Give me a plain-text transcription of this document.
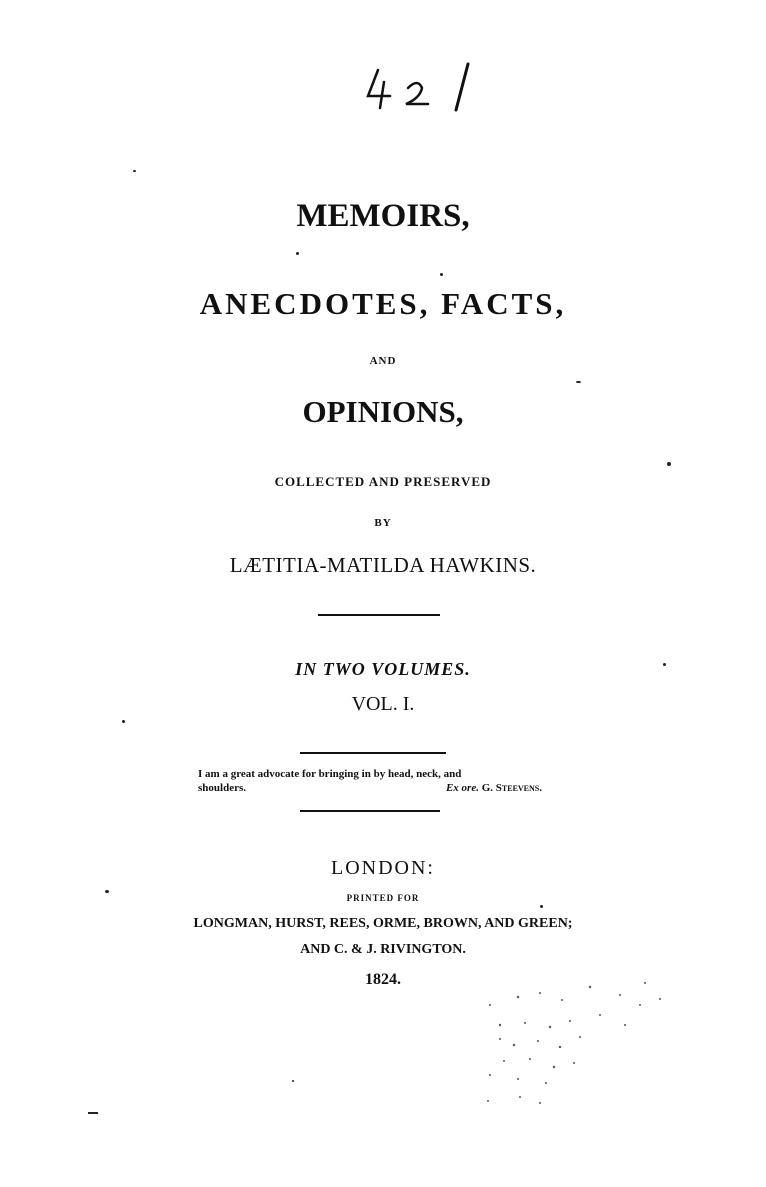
MEMOIRS,
ANECDOTES, FACTS,
AND
OPINIONS,
COLLECTED AND PRESERVED
BY
LÆTITIA-MATILDA HAWKINS.
IN TWO VOLUMES.
VOL. I.
I am a great advocate for bringing in by head, neck, and
shoulders.	Ex ore. G. Steevens.
LONDON:
PRINTED FOR
LONGMAN, HURST, REES, ORME, BROWN, AND GREEN;
AND C. & J. RIVINGTON.
1824.
